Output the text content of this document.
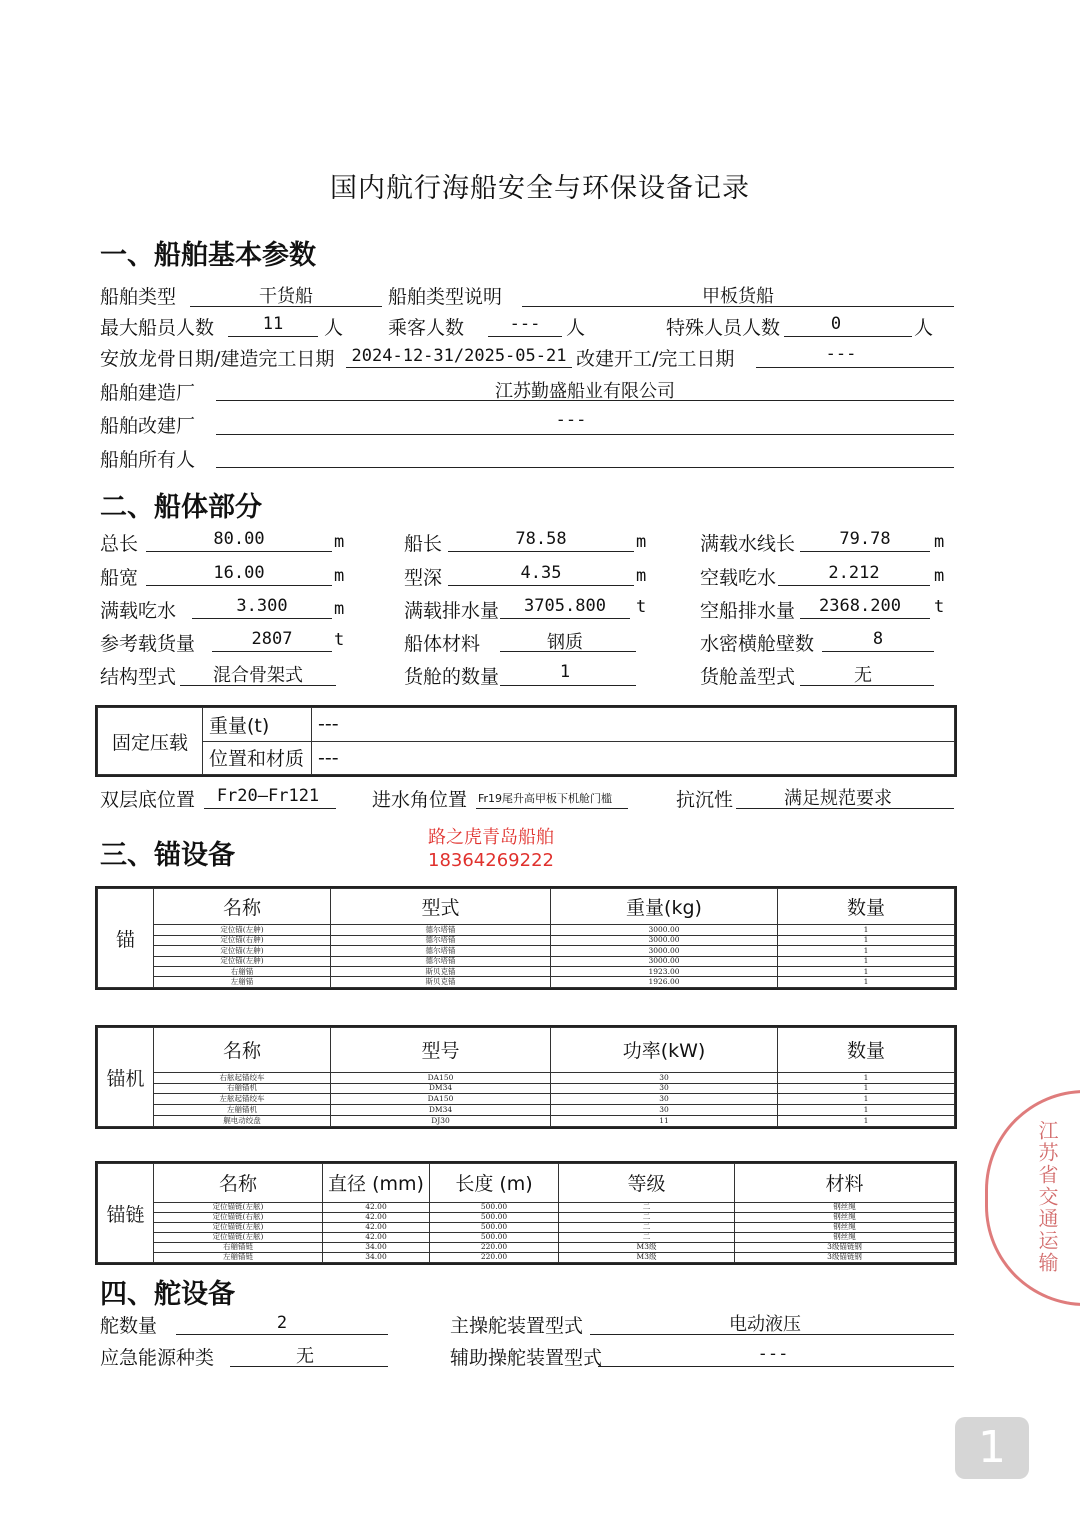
国内航行海船安全与环保设备记录
一、船舶基本参数
船舶类型	干货船	船舶类型说明	甲板货船
最大船员人数	11	人 乘客人数	---	人	特殊人员人数	0	人
安放龙骨日期/建造完工日期	2024-12-31/2025-05-21 改建开工/完工日期	---
船舶建造厂	江苏勤盛船业有限公司
船舶改建厂	---
船舶所有人
二、船体部分
总长	80.00	m	船长	78.58	m	满载水线长	79.78	m
船宽	16.00	m	型深	4.35	m	空载吃水	2.212	m
满载吃水	3.300	m	满载排水量	3705.800	t	空船排水量	2368.200	t
参考载货量	2807	t	船体材料	钢质	水密横舱壁数	8
结构型式	混合骨架式	货舱的数量	1	货舱盖型式	无
固定压载	重量(t)	---
	位置和材质	---
双层底位置	Fr20—Fr121	进水角位置 Fr19尾升高甲板下机舱门槛	抗沉性	满足规范要求
三、锚设备
路之虎青岛船舶
18364269222
锚	名称	型式	重量(kg)	数量
	定位锚(左舯)	德尔塔锚	3000.00	1
	定位锚(右舯)	德尔塔锚	3000.00	1
	定位锚(左舯)	德尔塔锚	3000.00	1
	定位锚(左舯)	德尔塔锚	3000.00	1
	右艏锚	斯贝克锚	1923.00	1
	左艏锚	斯贝克锚	1926.00	1
锚机	名称	型号	功率(kW)	数量
	右舷起锚绞车	DA150	30	1
	右艏锚机	DM34	30	1
	左舷起锚绞车	DA150	30	1
	左艏锚机	DM34	30	1
	艉电动绞盘	DJ30	11	1
锚链	名称	直径 (mm)	长度 (m)	等级	材料
	定位锚链(左舷)	42.00	500.00	二	钢丝绳
	定位锚链(右舷)	42.00	500.00	二	钢丝绳
	定位锚链(左舷)	42.00	500.00	二	钢丝绳
	定位锚链(左舷)	42.00	500.00	二	钢丝绳
	右艏锚链	34.00	220.00	M3级	3级锚链钢
	左艏锚链	34.00	220.00	M3级	3级锚链钢
四、舵设备
舵数量	2	主操舵装置型式	电动液压
应急能源种类	无	辅助操舵装置型式	---
江苏省交通运输
1
